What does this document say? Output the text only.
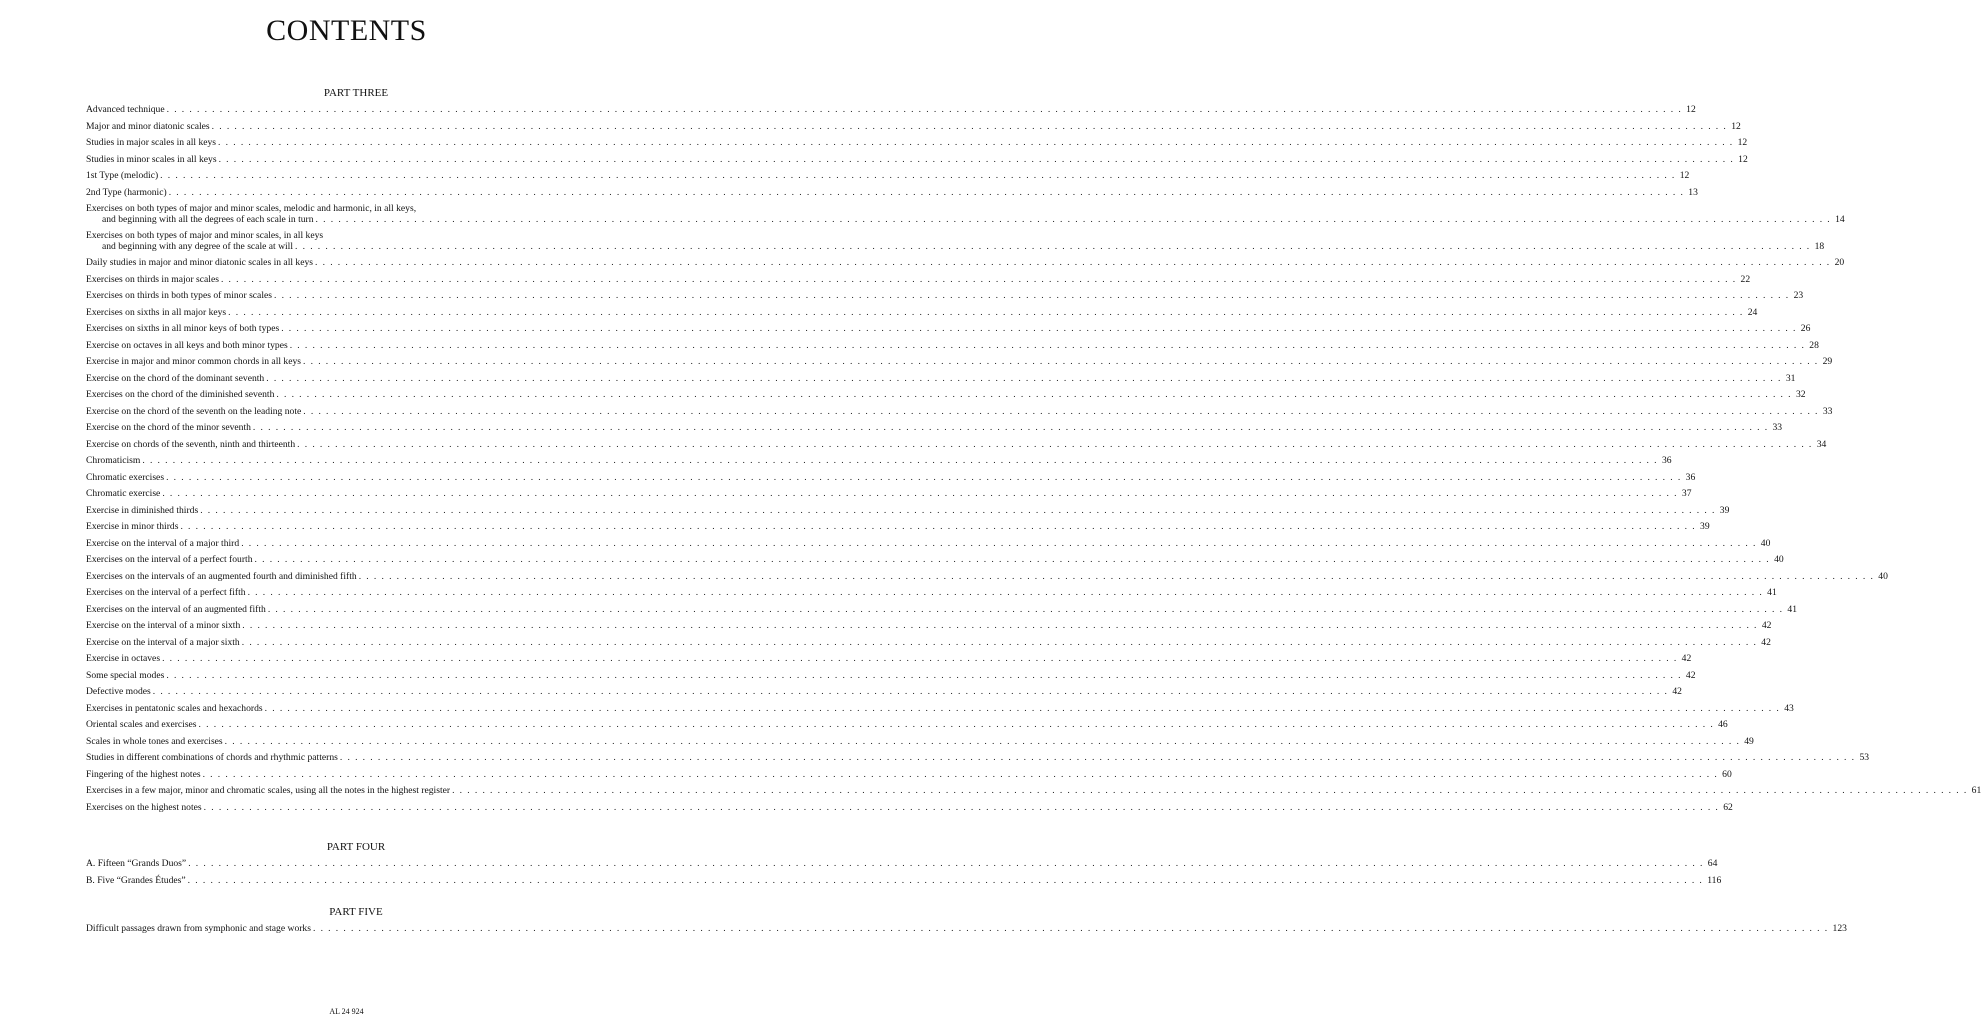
CONTENTS
PART THREE
Advanced technique . . . . . . . . . . . . . . . . . . . . . . . . . . . . . . . . . . . . . . . . . . . . . . . . . . . . . . . . . . . . . . . . . . . . . . . . . . . . . . . . . . . . . . . . . . . . . . . . . . . . . . . . . . . . . . . . . . . . . . . . . . . . . . . . . . . . . . . . . . . . . . . . . . . . . . . . . . . . . . . . . . . . . . . . . . . . . . . . . . . . . . . . . . . . . . . . . . . . . . . . 12
Major and minor diatonic scales . . . . . . . . . . . . . . . . . . . . . . . . . . . . . . . . . . . . . . . . . . . . . . . . . . . . . . . . . . . . . . . . . . . . . . . . . . . . . . . . . . . . . . . . . . . . . . . . . . . . . . . . . . . . . . . . . . . . . . . . . . . . . . . . . . . . . . . . . . . . . . . . . . . . . . . . . . . . . . . . . . . . . . . . . . . . . . . . . . . . . . . . . . . . . . . . . . . . . . . . 12
Studies in major scales in all keys . . . . . . . . . . . . . . . . . . . . . . . . . . . . . . . . . . . . . . . . . . . . . . . . . . . . . . . . . . . . . . . . . . . . . . . . . . . . . . . . . . . . . . . . . . . . . . . . . . . . . . . . . . . . . . . . . . . . . . . . . . . . . . . . . . . . . . . . . . . . . . . . . . . . . . . . . . . . . . . . . . . . . . . . . . . . . . . . . . . . . . . . . . . . . . . . . . . . . . . . 12
Studies in minor scales in all keys . . . . . . . . . . . . . . . . . . . . . . . . . . . . . . . . . . . . . . . . . . . . . . . . . . . . . . . . . . . . . . . . . . . . . . . . . . . . . . . . . . . . . . . . . . . . . . . . . . . . . . . . . . . . . . . . . . . . . . . . . . . . . . . . . . . . . . . . . . . . . . . . . . . . . . . . . . . . . . . . . . . . . . . . . . . . . . . . . . . . . . . . . . . . . . . . . . . . . . . . 12
1st Type (melodic) . . . . . . . . . . . . . . . . . . . . . . . . . . . . . . . . . . . . . . . . . . . . . . . . . . . . . . . . . . . . . . . . . . . . . . . . . . . . . . . . . . . . . . . . . . . . . . . . . . . . . . . . . . . . . . . . . . . . . . . . . . . . . . . . . . . . . . . . . . . . . . . . . . . . . . . . . . . . . . . . . . . . . . . . . . . . . . . . . . . . . . . . . . . . . . . . . . . . . . . . 12
2nd Type (harmonic) . . . . . . . . . . . . . . . . . . . . . . . . . . . . . . . . . . . . . . . . . . . . . . . . . . . . . . . . . . . . . . . . . . . . . . . . . . . . . . . . . . . . . . . . . . . . . . . . . . . . . . . . . . . . . . . . . . . . . . . . . . . . . . . . . . . . . . . . . . . . . . . . . . . . . . . . . . . . . . . . . . . . . . . . . . . . . . . . . . . . . . . . . . . . . . . . . . . . . . . . 13
Exercises on both types of major and minor scales, melodic and harmonic, in all keys,
and beginning with all the degrees of each scale in turn . . . . . . . . . . . . . . . . . . . . . . . . . . . . . . . . . . . . . . . . . . . . . . . . . . . . . . . . . . . . . . . . . . . . . . . . . . . . . . . . . . . . . . . . . . . . . . . . . . . . . . . . . . . . . . . . . . . . . . . . . . . . . . . . . . . . . . . . . . . . . . . . . . . . . . . . . . . . . . . . . . . . . . . . . . . . . . . . . . . . . . . . . . . . . . . . . . . . . . . . 14
Exercises on both types of major and minor scales, in all keys
and beginning with any degree of the scale at will . . . . . . . . . . . . . . . . . . . . . . . . . . . . . . . . . . . . . . . . . . . . . . . . . . . . . . . . . . . . . . . . . . . . . . . . . . . . . . . . . . . . . . . . . . . . . . . . . . . . . . . . . . . . . . . . . . . . . . . . . . . . . . . . . . . . . . . . . . . . . . . . . . . . . . . . . . . . . . . . . . . . . . . . . . . . . . . . . . . . . . . . . . . . . . . . . . . . . . . . 18
Daily studies in major and minor diatonic scales in all keys . . . . . . . . . . . . . . . . . . . . . . . . . . . . . . . . . . . . . . . . . . . . . . . . . . . . . . . . . . . . . . . . . . . . . . . . . . . . . . . . . . . . . . . . . . . . . . . . . . . . . . . . . . . . . . . . . . . . . . . . . . . . . . . . . . . . . . . . . . . . . . . . . . . . . . . . . . . . . . . . . . . . . . . . . . . . . . . . . . . . . . . . . . . . . . . . . . . . . . . . 20
Exercises on thirds in major scales . . . . . . . . . . . . . . . . . . . . . . . . . . . . . . . . . . . . . . . . . . . . . . . . . . . . . . . . . . . . . . . . . . . . . . . . . . . . . . . . . . . . . . . . . . . . . . . . . . . . . . . . . . . . . . . . . . . . . . . . . . . . . . . . . . . . . . . . . . . . . . . . . . . . . . . . . . . . . . . . . . . . . . . . . . . . . . . . . . . . . . . . . . . . . . . . . . . . . . . . 22
Exercises on thirds in both types of minor scales . . . . . . . . . . . . . . . . . . . . . . . . . . . . . . . . . . . . . . . . . . . . . . . . . . . . . . . . . . . . . . . . . . . . . . . . . . . . . . . . . . . . . . . . . . . . . . . . . . . . . . . . . . . . . . . . . . . . . . . . . . . . . . . . . . . . . . . . . . . . . . . . . . . . . . . . . . . . . . . . . . . . . . . . . . . . . . . . . . . . . . . . . . . . . . . . . . . . . . . . 23
Exercises on sixths in all major keys . . . . . . . . . . . . . . . . . . . . . . . . . . . . . . . . . . . . . . . . . . . . . . . . . . . . . . . . . . . . . . . . . . . . . . . . . . . . . . . . . . . . . . . . . . . . . . . . . . . . . . . . . . . . . . . . . . . . . . . . . . . . . . . . . . . . . . . . . . . . . . . . . . . . . . . . . . . . . . . . . . . . . . . . . . . . . . . . . . . . . . . . . . . . . . . . . . . . . . . . 24
Exercises on sixths in all minor keys of both types . . . . . . . . . . . . . . . . . . . . . . . . . . . . . . . . . . . . . . . . . . . . . . . . . . . . . . . . . . . . . . . . . . . . . . . . . . . . . . . . . . . . . . . . . . . . . . . . . . . . . . . . . . . . . . . . . . . . . . . . . . . . . . . . . . . . . . . . . . . . . . . . . . . . . . . . . . . . . . . . . . . . . . . . . . . . . . . . . . . . . . . . . . . . . . . . . . . . . . . . 26
Exercise on octaves in all keys and both minor types . . . . . . . . . . . . . . . . . . . . . . . . . . . . . . . . . . . . . . . . . . . . . . . . . . . . . . . . . . . . . . . . . . . . . . . . . . . . . . . . . . . . . . . . . . . . . . . . . . . . . . . . . . . . . . . . . . . . . . . . . . . . . . . . . . . . . . . . . . . . . . . . . . . . . . . . . . . . . . . . . . . . . . . . . . . . . . . . . . . . . . . . . . . . . . . . . . . . . . . . 28
Exercise in major and minor common chords in all keys . . . . . . . . . . . . . . . . . . . . . . . . . . . . . . . . . . . . . . . . . . . . . . . . . . . . . . . . . . . . . . . . . . . . . . . . . . . . . . . . . . . . . . . . . . . . . . . . . . . . . . . . . . . . . . . . . . . . . . . . . . . . . . . . . . . . . . . . . . . . . . . . . . . . . . . . . . . . . . . . . . . . . . . . . . . . . . . . . . . . . . . . . . . . . . . . . . . . . . . . 29
Exercise on the chord of the dominant seventh . . . . . . . . . . . . . . . . . . . . . . . . . . . . . . . . . . . . . . . . . . . . . . . . . . . . . . . . . . . . . . . . . . . . . . . . . . . . . . . . . . . . . . . . . . . . . . . . . . . . . . . . . . . . . . . . . . . . . . . . . . . . . . . . . . . . . . . . . . . . . . . . . . . . . . . . . . . . . . . . . . . . . . . . . . . . . . . . . . . . . . . . . . . . . . . . . . . . . . . . 31
Exercises on the chord of the diminished seventh . . . . . . . . . . . . . . . . . . . . . . . . . . . . . . . . . . . . . . . . . . . . . . . . . . . . . . . . . . . . . . . . . . . . . . . . . . . . . . . . . . . . . . . . . . . . . . . . . . . . . . . . . . . . . . . . . . . . . . . . . . . . . . . . . . . . . . . . . . . . . . . . . . . . . . . . . . . . . . . . . . . . . . . . . . . . . . . . . . . . . . . . . . . . . . . . . . . . . . . . 32
Exercise on the chord of the seventh on the leading note . . . . . . . . . . . . . . . . . . . . . . . . . . . . . . . . . . . . . . . . . . . . . . . . . . . . . . . . . . . . . . . . . . . . . . . . . . . . . . . . . . . . . . . . . . . . . . . . . . . . . . . . . . . . . . . . . . . . . . . . . . . . . . . . . . . . . . . . . . . . . . . . . . . . . . . . . . . . . . . . . . . . . . . . . . . . . . . . . . . . . . . . . . . . . . . . . . . . . . . . 33
Exercise on the chord of the minor seventh . . . . . . . . . . . . . . . . . . . . . . . . . . . . . . . . . . . . . . . . . . . . . . . . . . . . . . . . . . . . . . . . . . . . . . . . . . . . . . . . . . . . . . . . . . . . . . . . . . . . . . . . . . . . . . . . . . . . . . . . . . . . . . . . . . . . . . . . . . . . . . . . . . . . . . . . . . . . . . . . . . . . . . . . . . . . . . . . . . . . . . . . . . . . . . . . . . . . . . . . 33
Exercise on chords of the seventh, ninth and thirteenth . . . . . . . . . . . . . . . . . . . . . . . . . . . . . . . . . . . . . . . . . . . . . . . . . . . . . . . . . . . . . . . . . . . . . . . . . . . . . . . . . . . . . . . . . . . . . . . . . . . . . . . . . . . . . . . . . . . . . . . . . . . . . . . . . . . . . . . . . . . . . . . . . . . . . . . . . . . . . . . . . . . . . . . . . . . . . . . . . . . . . . . . . . . . . . . . . . . . . . . . 34
Chromaticism . . . . . . . . . . . . . . . . . . . . . . . . . . . . . . . . . . . . . . . . . . . . . . . . . . . . . . . . . . . . . . . . . . . . . . . . . . . . . . . . . . . . . . . . . . . . . . . . . . . . . . . . . . . . . . . . . . . . . . . . . . . . . . . . . . . . . . . . . . . . . . . . . . . . . . . . . . . . . . . . . . . . . . . . . . . . . . . . . . . . . . . . . . . . . . . . . . . . . . . . 36
Chromatic exercises . . . . . . . . . . . . . . . . . . . . . . . . . . . . . . . . . . . . . . . . . . . . . . . . . . . . . . . . . . . . . . . . . . . . . . . . . . . . . . . . . . . . . . . . . . . . . . . . . . . . . . . . . . . . . . . . . . . . . . . . . . . . . . . . . . . . . . . . . . . . . . . . . . . . . . . . . . . . . . . . . . . . . . . . . . . . . . . . . . . . . . . . . . . . . . . . . . . . . . . . 36
Chromatic exercise . . . . . . . . . . . . . . . . . . . . . . . . . . . . . . . . . . . . . . . . . . . . . . . . . . . . . . . . . . . . . . . . . . . . . . . . . . . . . . . . . . . . . . . . . . . . . . . . . . . . . . . . . . . . . . . . . . . . . . . . . . . . . . . . . . . . . . . . . . . . . . . . . . . . . . . . . . . . . . . . . . . . . . . . . . . . . . . . . . . . . . . . . . . . . . . . . . . . . . . . 37
Exercise in diminished thirds . . . . . . . . . . . . . . . . . . . . . . . . . . . . . . . . . . . . . . . . . . . . . . . . . . . . . . . . . . . . . . . . . . . . . . . . . . . . . . . . . . . . . . . . . . . . . . . . . . . . . . . . . . . . . . . . . . . . . . . . . . . . . . . . . . . . . . . . . . . . . . . . . . . . . . . . . . . . . . . . . . . . . . . . . . . . . . . . . . . . . . . . . . . . . . . . . . . . . . . . 39
Exercise in minor thirds . . . . . . . . . . . . . . . . . . . . . . . . . . . . . . . . . . . . . . . . . . . . . . . . . . . . . . . . . . . . . . . . . . . . . . . . . . . . . . . . . . . . . . . . . . . . . . . . . . . . . . . . . . . . . . . . . . . . . . . . . . . . . . . . . . . . . . . . . . . . . . . . . . . . . . . . . . . . . . . . . . . . . . . . . . . . . . . . . . . . . . . . . . . . . . . . . . . . . . . . 39
Exercise on the interval of a major third . . . . . . . . . . . . . . . . . . . . . . . . . . . . . . . . . . . . . . . . . . . . . . . . . . . . . . . . . . . . . . . . . . . . . . . . . . . . . . . . . . . . . . . . . . . . . . . . . . . . . . . . . . . . . . . . . . . . . . . . . . . . . . . . . . . . . . . . . . . . . . . . . . . . . . . . . . . . . . . . . . . . . . . . . . . . . . . . . . . . . . . . . . . . . . . . . . . . . . . . 40
Exercises on the interval of a perfect fourth . . . . . . . . . . . . . . . . . . . . . . . . . . . . . . . . . . . . . . . . . . . . . . . . . . . . . . . . . . . . . . . . . . . . . . . . . . . . . . . . . . . . . . . . . . . . . . . . . . . . . . . . . . . . . . . . . . . . . . . . . . . . . . . . . . . . . . . . . . . . . . . . . . . . . . . . . . . . . . . . . . . . . . . . . . . . . . . . . . . . . . . . . . . . . . . . . . . . . . . . 40
Exercises on the intervals of an augmented fourth and diminished fifth . . . . . . . . . . . . . . . . . . . . . . . . . . . . . . . . . . . . . . . . . . . . . . . . . . . . . . . . . . . . . . . . . . . . . . . . . . . . . . . . . . . . . . . . . . . . . . . . . . . . . . . . . . . . . . . . . . . . . . . . . . . . . . . . . . . . . . . . . . . . . . . . . . . . . . . . . . . . . . . . . . . . . . . . . . . . . . . . . . . . . . . . . . . . . . . . . . . . . . . . 40
Exercises on the interval of a perfect fifth . . . . . . . . . . . . . . . . . . . . . . . . . . . . . . . . . . . . . . . . . . . . . . . . . . . . . . . . . . . . . . . . . . . . . . . . . . . . . . . . . . . . . . . . . . . . . . . . . . . . . . . . . . . . . . . . . . . . . . . . . . . . . . . . . . . . . . . . . . . . . . . . . . . . . . . . . . . . . . . . . . . . . . . . . . . . . . . . . . . . . . . . . . . . . . . . . . . . . . . . 41
Exercises on the interval of an augmented fifth . . . . . . . . . . . . . . . . . . . . . . . . . . . . . . . . . . . . . . . . . . . . . . . . . . . . . . . . . . . . . . . . . . . . . . . . . . . . . . . . . . . . . . . . . . . . . . . . . . . . . . . . . . . . . . . . . . . . . . . . . . . . . . . . . . . . . . . . . . . . . . . . . . . . . . . . . . . . . . . . . . . . . . . . . . . . . . . . . . . . . . . . . . . . . . . . . . . . . . . . 41
Exercise on the interval of a minor sixth . . . . . . . . . . . . . . . . . . . . . . . . . . . . . . . . . . . . . . . . . . . . . . . . . . . . . . . . . . . . . . . . . . . . . . . . . . . . . . . . . . . . . . . . . . . . . . . . . . . . . . . . . . . . . . . . . . . . . . . . . . . . . . . . . . . . . . . . . . . . . . . . . . . . . . . . . . . . . . . . . . . . . . . . . . . . . . . . . . . . . . . . . . . . . . . . . . . . . . . . 42
Exercise on the interval of a major sixth . . . . . . . . . . . . . . . . . . . . . . . . . . . . . . . . . . . . . . . . . . . . . . . . . . . . . . . . . . . . . . . . . . . . . . . . . . . . . . . . . . . . . . . . . . . . . . . . . . . . . . . . . . . . . . . . . . . . . . . . . . . . . . . . . . . . . . . . . . . . . . . . . . . . . . . . . . . . . . . . . . . . . . . . . . . . . . . . . . . . . . . . . . . . . . . . . . . . . . . . 42
Exercise in octaves . . . . . . . . . . . . . . . . . . . . . . . . . . . . . . . . . . . . . . . . . . . . . . . . . . . . . . . . . . . . . . . . . . . . . . . . . . . . . . . . . . . . . . . . . . . . . . . . . . . . . . . . . . . . . . . . . . . . . . . . . . . . . . . . . . . . . . . . . . . . . . . . . . . . . . . . . . . . . . . . . . . . . . . . . . . . . . . . . . . . . . . . . . . . . . . . . . . . . . . . 42
Some special modes . . . . . . . . . . . . . . . . . . . . . . . . . . . . . . . . . . . . . . . . . . . . . . . . . . . . . . . . . . . . . . . . . . . . . . . . . . . . . . . . . . . . . . . . . . . . . . . . . . . . . . . . . . . . . . . . . . . . . . . . . . . . . . . . . . . . . . . . . . . . . . . . . . . . . . . . . . . . . . . . . . . . . . . . . . . . . . . . . . . . . . . . . . . . . . . . . . . . . . . . 42
Defective modes . . . . . . . . . . . . . . . . . . . . . . . . . . . . . . . . . . . . . . . . . . . . . . . . . . . . . . . . . . . . . . . . . . . . . . . . . . . . . . . . . . . . . . . . . . . . . . . . . . . . . . . . . . . . . . . . . . . . . . . . . . . . . . . . . . . . . . . . . . . . . . . . . . . . . . . . . . . . . . . . . . . . . . . . . . . . . . . . . . . . . . . . . . . . . . . . . . . . . . . . 42
Exercises in pentatonic scales and hexachords . . . . . . . . . . . . . . . . . . . . . . . . . . . . . . . . . . . . . . . . . . . . . . . . . . . . . . . . . . . . . . . . . . . . . . . . . . . . . . . . . . . . . . . . . . . . . . . . . . . . . . . . . . . . . . . . . . . . . . . . . . . . . . . . . . . . . . . . . . . . . . . . . . . . . . . . . . . . . . . . . . . . . . . . . . . . . . . . . . . . . . . . . . . . . . . . . . . . . . . . 43
Oriental scales and exercises . . . . . . . . . . . . . . . . . . . . . . . . . . . . . . . . . . . . . . . . . . . . . . . . . . . . . . . . . . . . . . . . . . . . . . . . . . . . . . . . . . . . . . . . . . . . . . . . . . . . . . . . . . . . . . . . . . . . . . . . . . . . . . . . . . . . . . . . . . . . . . . . . . . . . . . . . . . . . . . . . . . . . . . . . . . . . . . . . . . . . . . . . . . . . . . . . . . . . . . . 46
Scales in whole tones and exercises . . . . . . . . . . . . . . . . . . . . . . . . . . . . . . . . . . . . . . . . . . . . . . . . . . . . . . . . . . . . . . . . . . . . . . . . . . . . . . . . . . . . . . . . . . . . . . . . . . . . . . . . . . . . . . . . . . . . . . . . . . . . . . . . . . . . . . . . . . . . . . . . . . . . . . . . . . . . . . . . . . . . . . . . . . . . . . . . . . . . . . . . . . . . . . . . . . . . . . . . 49
Studies in different combinations of chords and rhythmic patterns . . . . . . . . . . . . . . . . . . . . . . . . . . . . . . . . . . . . . . . . . . . . . . . . . . . . . . . . . . . . . . . . . . . . . . . . . . . . . . . . . . . . . . . . . . . . . . . . . . . . . . . . . . . . . . . . . . . . . . . . . . . . . . . . . . . . . . . . . . . . . . . . . . . . . . . . . . . . . . . . . . . . . . . . . . . . . . . . . . . . . . . . . . . . . . . . . . . . . . . . 53
Fingering of the highest notes . . . . . . . . . . . . . . . . . . . . . . . . . . . . . . . . . . . . . . . . . . . . . . . . . . . . . . . . . . . . . . . . . . . . . . . . . . . . . . . . . . . . . . . . . . . . . . . . . . . . . . . . . . . . . . . . . . . . . . . . . . . . . . . . . . . . . . . . . . . . . . . . . . . . . . . . . . . . . . . . . . . . . . . . . . . . . . . . . . . . . . . . . . . . . . . . . . . . . . . . 60
Exercises in a few major, minor and chromatic scales, using all the notes in the highest register . . . . . . . . . . . . . . . . . . . . . . . . . . . . . . . . . . . . . . . . . . . . . . . . . . . . . . . . . . . . . . . . . . . . . . . . . . . . . . . . . . . . . . . . . . . . . . . . . . . . . . . . . . . . . . . . . . . . . . . . . . . . . . . . . . . . . . . . . . . . . . . . . . . . . . . . . . . . . . . . . . . . . . . . . . . . . . . . . . . . . . . . . . . . . . . . . . . . . . . . 61
Exercises on the highest notes . . . . . . . . . . . . . . . . . . . . . . . . . . . . . . . . . . . . . . . . . . . . . . . . . . . . . . . . . . . . . . . . . . . . . . . . . . . . . . . . . . . . . . . . . . . . . . . . . . . . . . . . . . . . . . . . . . . . . . . . . . . . . . . . . . . . . . . . . . . . . . . . . . . . . . . . . . . . . . . . . . . . . . . . . . . . . . . . . . . . . . . . . . . . . . . . . . . . . . . . 62
PART FOUR
A. Fifteen “Grands Duos” . . . . . . . . . . . . . . . . . . . . . . . . . . . . . . . . . . . . . . . . . . . . . . . . . . . . . . . . . . . . . . . . . . . . . . . . . . . . . . . . . . . . . . . . . . . . . . . . . . . . . . . . . . . . . . . . . . . . . . . . . . . . . . . . . . . . . . . . . . . . . . . . . . . . . . . . . . . . . . . . . . . . . . . . . . . . . . . . . . . . . . . . . . . . . . . . . . . . . . . . 64
B. Five “Grandes Études” . . . . . . . . . . . . . . . . . . . . . . . . . . . . . . . . . . . . . . . . . . . . . . . . . . . . . . . . . . . . . . . . . . . . . . . . . . . . . . . . . . . . . . . . . . . . . . . . . . . . . . . . . . . . . . . . . . . . . . . . . . . . . . . . . . . . . . . . . . . . . . . . . . . . . . . . . . . . . . . . . . . . . . . . . . . . . . . . . . . . . . . . . . . . . . . . . . . . . . . . 116
PART FIVE
Difficult passages drawn from symphonic and stage works . . . . . . . . . . . . . . . . . . . . . . . . . . . . . . . . . . . . . . . . . . . . . . . . . . . . . . . . . . . . . . . . . . . . . . . . . . . . . . . . . . . . . . . . . . . . . . . . . . . . . . . . . . . . . . . . . . . . . . . . . . . . . . . . . . . . . . . . . . . . . . . . . . . . . . . . . . . . . . . . . . . . . . . . . . . . . . . . . . . . . . . . . . . . . . . . . . . . . . . . 123
AL 24 924
